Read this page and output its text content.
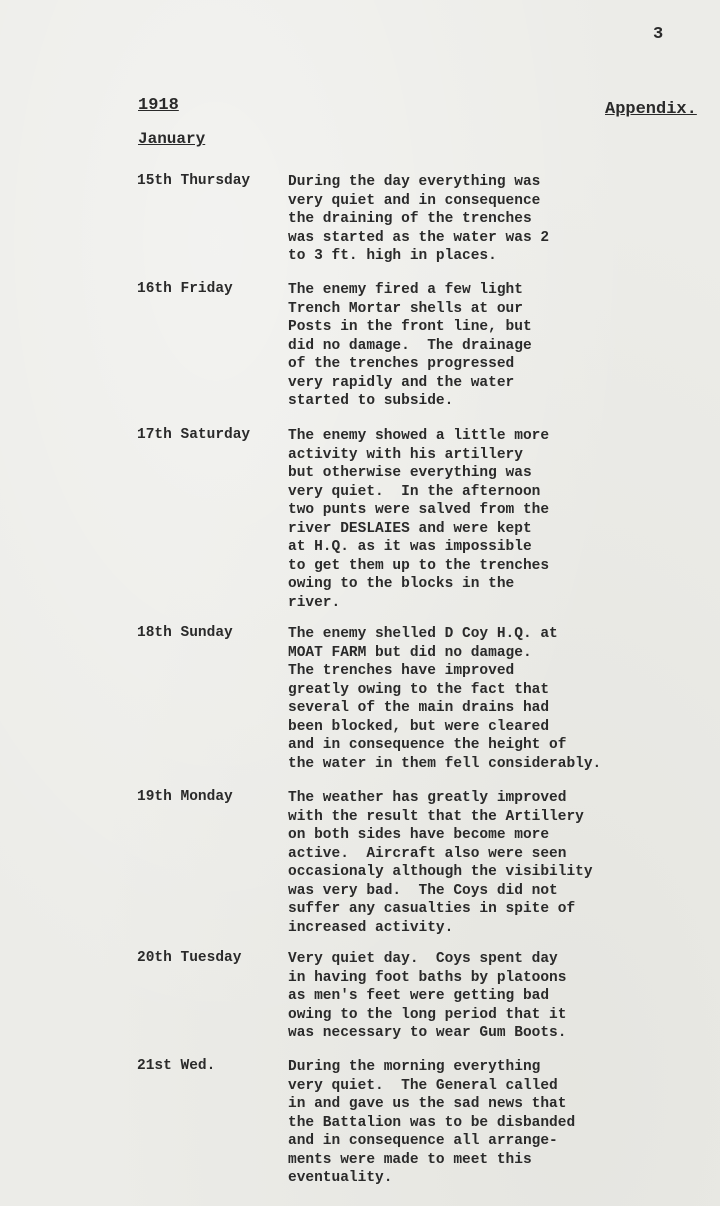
3
1918	Appendix.
January
15th Thursday	During the day everything was
very quiet and in consequence
the draining of the trenches
was started as the water was 2
to 3 ft. high in places.
16th Friday	The enemy fired a few light
Trench Mortar shells at our
Posts in the front line, but
did no damage.  The drainage
of the trenches progressed
very rapidly and the water
started to subside.
17th Saturday	The enemy showed a little more
activity with his artillery
but otherwise everything was
very quiet.  In the afternoon
two punts were salved from the
river DESLAIES and were kept
at H.Q. as it was impossible
to get them up to the trenches
owing to the blocks in the
river.
18th Sunday	The enemy shelled D Coy H.Q. at
MOAT FARM but did no damage.
The trenches have improved
greatly owing to the fact that
several of the main drains had
been blocked, but were cleared
and in consequence the height of
the water in them fell considerably.
19th Monday	The weather has greatly improved
with the result that the Artillery
on both sides have become more
active.  Aircraft also were seen
occasionaly although the visibility
was very bad.  The Coys did not
suffer any casualties in spite of
increased activity.
20th Tuesday	Very quiet day.  Coys spent day
in having foot baths by platoons
as men's feet were getting bad
owing to the long period that it
was necessary to wear Gum Boots.
21st Wed.	During the morning everything
very quiet.  The General called
in and gave us the sad news that
the Battalion was to be disbanded
and in consequence all arrange-
ments were made to meet this
eventuality.
